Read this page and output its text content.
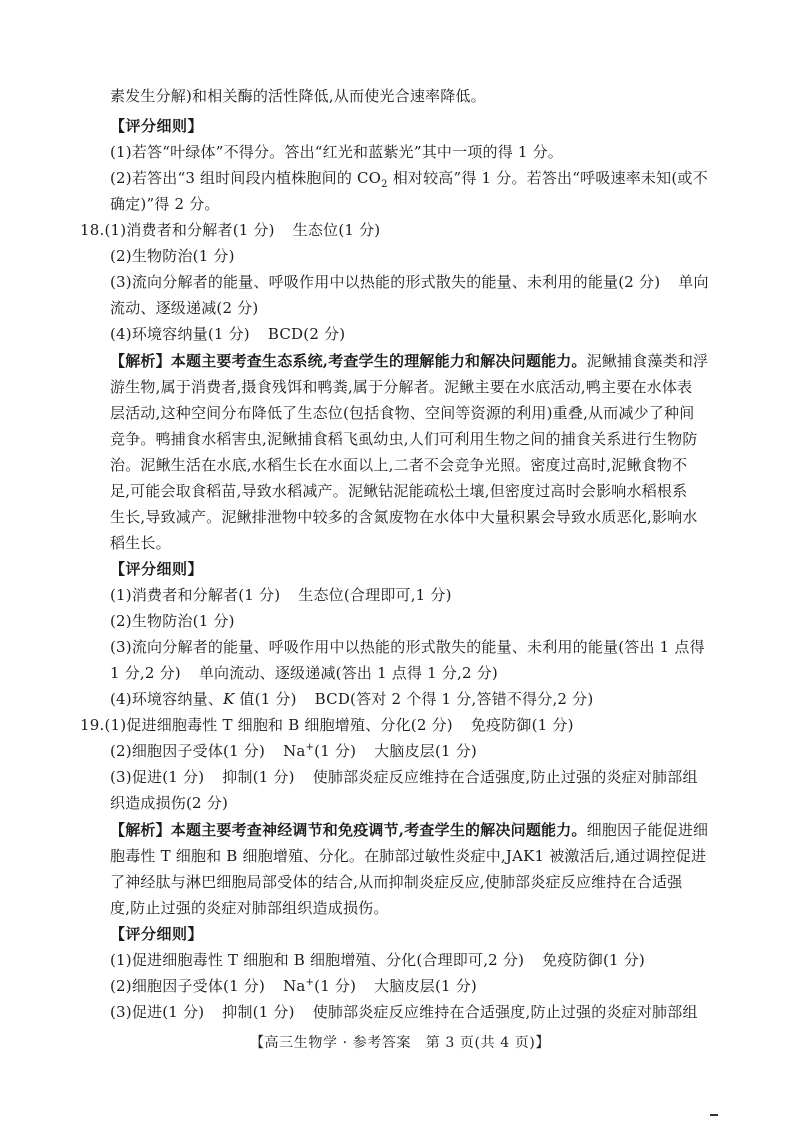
素发生分解)和相关酶的活性降低,从而使光合速率降低。
【评分细则】
(1)若答“叶绿体”不得分。答出“红光和蓝紫光”其中一项的得 1 分。
(2)若答出“3 组时间段内植株胞间的 $CO_2$ 相对较高”得 1 分。若答出“呼吸速率未知(或不
确定)”得 2 分。
18.(1)消费者和分解者(1 分) 生态位(1 分)
(2)生物防治(1 分)
(3)流向分解者的能量、呼吸作用中以热能的形式散失的能量、未利用的能量(2 分) 单向
流动、逐级递减(2 分)
(4)环境容纳量(1 分) BCD(2 分)
【解析】本题主要考查生态系统,考查学生的理解能力和解决问题能力。泥鳅捕食藻类和浮
游生物,属于消费者,摄食残饵和鸭粪,属于分解者。泥鳅主要在水底活动,鸭主要在水体表
层活动,这种空间分布降低了生态位(包括食物、空间等资源的利用)重叠,从而减少了种间
竞争。鸭捕食水稻害虫,泥鳅捕食稻飞虱幼虫,人们可利用生物之间的捕食关系进行生物防
治。泥鳅生活在水底,水稻生长在水面以上,二者不会竞争光照。密度过高时,泥鳅食物不
足,可能会取食稻苗,导致水稻减产。泥鳅钻泥能疏松土壤,但密度过高时会影响水稻根系
生长,导致减产。泥鳅排泄物中较多的含氮废物在水体中大量积累会导致水质恶化,影响水
稻生长。
【评分细则】
(1)消费者和分解者(1 分) 生态位(合理即可,1 分)
(2)生物防治(1 分)
(3)流向分解者的能量、呼吸作用中以热能的形式散失的能量、未利用的能量(答出 1 点得
1 分,2 分) 单向流动、逐级递减(答出 1 点得 1 分,2 分)
(4)环境容纳量、K 值(1 分) BCD(答对 2 个得 1 分,答错不得分,2 分)
19.(1)促进细胞毒性 T 细胞和 B 细胞增殖、分化(2 分) 免疫防御(1 分)
(2)细胞因子受体(1 分) Na+(1 分) 大脑皮层(1 分)
(3)促进(1 分) 抑制(1 分) 使肺部炎症反应维持在合适强度,防止过强的炎症对肺部组
织造成损伤(2 分)
【解析】本题主要考查神经调节和免疫调节,考查学生的解决问题能力。细胞因子能促进细
胞毒性 T 细胞和 B 细胞增殖、分化。在肺部过敏性炎症中,JAK1 被激活后,通过调控促进
了神经肽与淋巴细胞局部受体的结合,从而抑制炎症反应,使肺部炎症反应维持在合适强
度,防止过强的炎症对肺部组织造成损伤。
【评分细则】
(1)促进细胞毒性 T 细胞和 B 细胞增殖、分化(合理即可,2 分) 免疫防御(1 分)
(2)细胞因子受体(1 分) Na+(1 分) 大脑皮层(1 分)
(3)促进(1 分) 抑制(1 分) 使肺部炎症反应维持在合适强度,防止过强的炎症对肺部组
【高三生物学 · 参考答案　第 3 页(共 4 页)】
